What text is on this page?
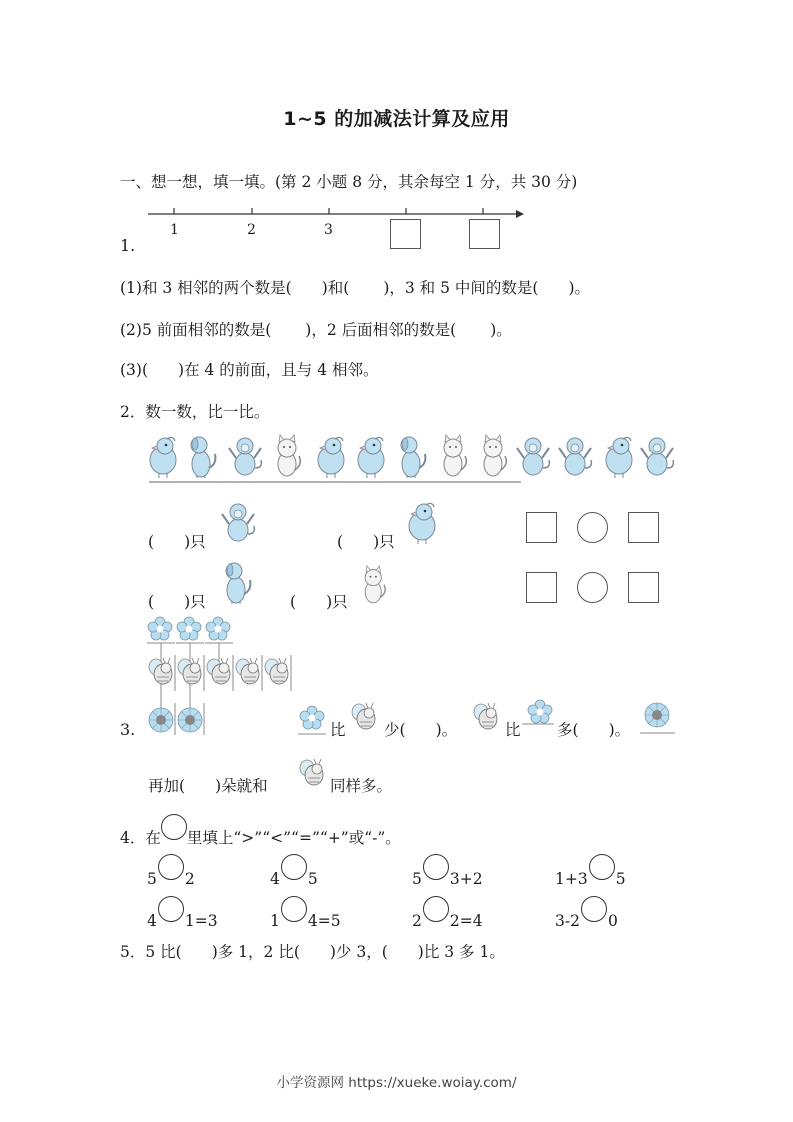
1~5 的加减法计算及应用
一、想一想，填一填。(第 2 小题 8 分，其余每空 1 分，共 30 分)
1	2	3
1.
(1)和 3 相邻的两个数是( )和( )，3 和 5 中间的数是( )。
(2)5 前面相邻的数是( )，2 后面相邻的数是( )。
(3)( )在 4 的前面，且与 4 相邻。
2．数一数，比一比。
( )只	( )只
( )只	( )只
3.	比 少( )。	比 多( )。
再加( )朵就和	同样多。
4．在 里填上“>”“<”“=”“+”或“-”。
5 2	4 5	5 3+2	1+3 5
4 1=3	1 4=5	2 2=4	3-2 0
5．5 比( )多 1，2 比( )少 3，( )比 3 多 1。
小学资源网 https://xueke.woiay.com/
